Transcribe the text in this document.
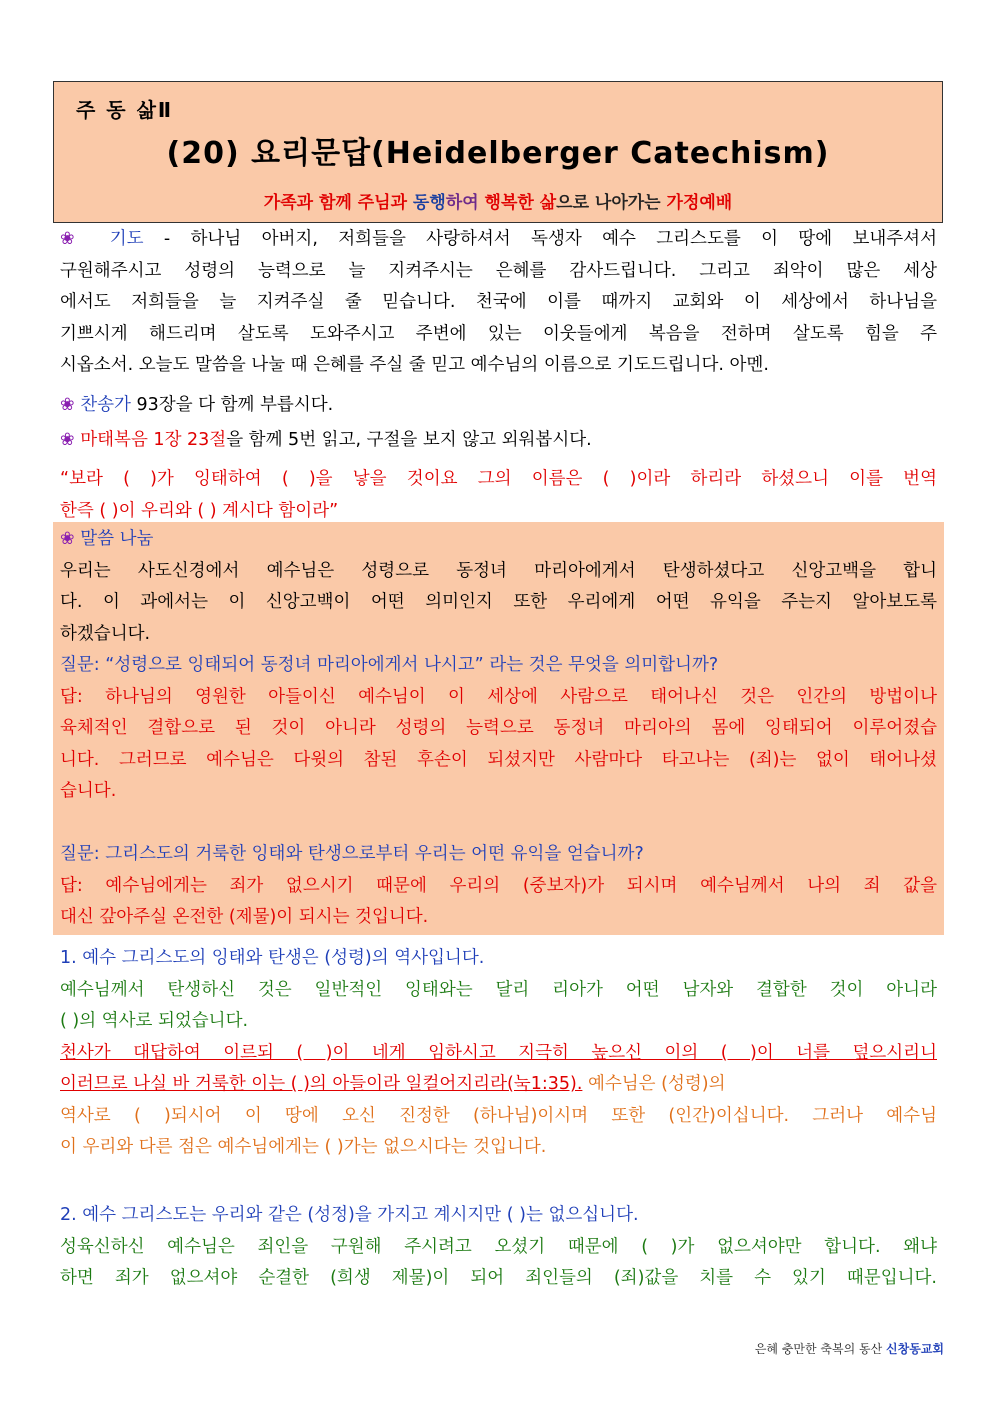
주 동 삶Ⅱ
(20) 요리문답(Heidelberger Catechism)
가족과 함께 주님과 동행하여 행복한 삶으로 나아가는 가정예배
❀ 기도 - 하나님 아버지, 저희들을 사랑하셔서 독생자 예수 그리스도를 이 땅에 보내주셔서
구원해주시고 성령의 능력으로 늘 지켜주시는 은혜를 감사드립니다. 그리고 죄악이 많은 세상
에서도 저희들을 늘 지켜주실 줄 믿습니다. 천국에 이를 때까지 교회와 이 세상에서 하나님을
기쁘시게 해드리며 살도록 도와주시고 주변에 있는 이웃들에게 복음을 전하며 살도록 힘을 주
시옵소서. 오늘도 말씀을 나눌 때 은혜를 주실 줄 믿고 예수님의 이름으로 기도드립니다. 아멘.
❀ 찬송가 93장을 다 함께 부릅시다.
❀ 마태복음 1장 23절을 함께 5번 읽고, 구절을 보지 않고 외워봅시다.
“보라 ( )가 잉태하여 ( )을 낳을 것이요 그의 이름은 ( )이라 하리라 하셨으니 이를 번역
한즉 ( )이 우리와 ( ) 계시다 함이라”
❀ 말씀 나눔
우리는 사도신경에서 예수님은 성령으로 동정녀 마리아에게서 탄생하셨다고 신앙고백을 합니
다. 이 과에서는 이 신앙고백이 어떤 의미인지 또한 우리에게 어떤 유익을 주는지 알아보도록
하겠습니다.
질문: “성령으로 잉태되어 동정녀 마리아에게서 나시고” 라는 것은 무엇을 의미합니까?
답: 하나님의 영원한 아들이신 예수님이 이 세상에 사람으로 태어나신 것은 인간의 방법이나
육체적인 결합으로 된 것이 아니라 성령의 능력으로 동정녀 마리아의 몸에 잉태되어 이루어졌습
니다. 그러므로 예수님은 다윗의 참된 후손이 되셨지만 사람마다 타고나는 (죄)는 없이 태어나셨
습니다.

질문: 그리스도의 거룩한 잉태와 탄생으로부터 우리는 어떤 유익을 얻습니까?
답: 예수님에게는 죄가 없으시기 때문에 우리의 (중보자)가 되시며 예수님께서 나의 죄 값을
대신 갚아주실 온전한 (제물)이 되시는 것입니다.
1. 예수 그리스도의 잉태와 탄생은 (성령)의 역사입니다.
예수님께서 탄생하신 것은 일반적인 잉태와는 달리 리아가 어떤 남자와 결합한 것이 아니라
( )의 역사로 되었습니다.
천사가 대답하여 이르되 ( )이 네게 임하시고 지극히 높으신 이의 ( )이 너를 덮으시리니
이러므로 나실 바 거룩한 이는 ( )의 아들이라 일컬어지리라(눅1:35). 예수님은 (성령)의
역사로 ( )되시어 이 땅에 오신 진정한 (하나님)이시며 또한 (인간)이십니다. 그러나 예수님
이 우리와 다른 점은 예수님에게는 ( )가는 없으시다는 것입니다.
2. 예수 그리스도는 우리와 같은 (성정)을 가지고 계시지만 ( )는 없으십니다.
성육신하신 예수님은 죄인을 구원해 주시려고 오셨기 때문에 ( )가 없으셔야만 합니다. 왜냐
하면 죄가 없으셔야 순결한 (희생 제물)이 되어 죄인들의 (죄)값을 치를 수 있기 때문입니다.
은혜 충만한 축복의 동산 신창동교회
